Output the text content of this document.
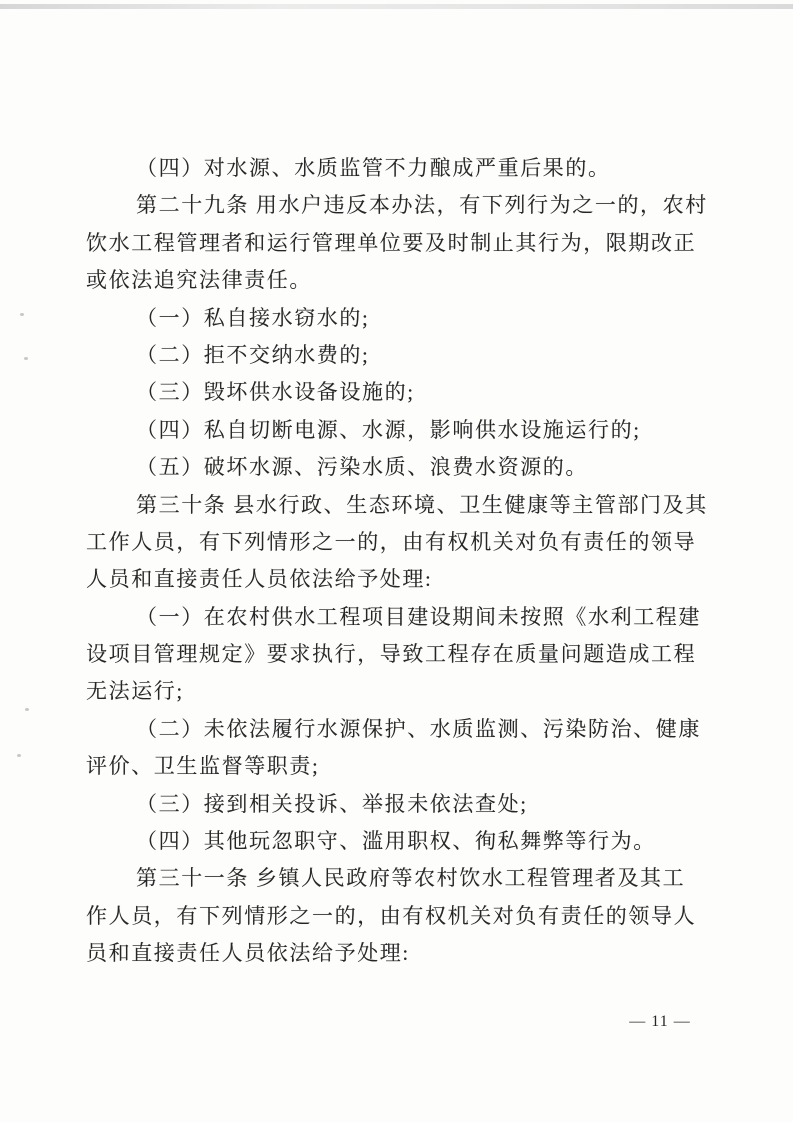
（四）对水源、水质监管不力酿成严重后果的。
第二十九条 用水户违反本办法，有下列行为之一的，农村
饮水工程管理者和运行管理单位要及时制止其行为，限期改正
或依法追究法律责任。
（一）私自接水窃水的;
（二）拒不交纳水费的;
（三）毁坏供水设备设施的;
（四）私自切断电源、水源，影响供水设施运行的;
（五）破坏水源、污染水质、浪费水资源的。
第三十条 县水行政、生态环境、卫生健康等主管部门及其
工作人员，有下列情形之一的，由有权机关对负有责任的领导
人员和直接责任人员依法给予处理:
（一）在农村供水工程项目建设期间未按照《水利工程建
设项目管理规定》要求执行，导致工程存在质量问题造成工程
无法运行;
（二）未依法履行水源保护、水质监测、污染防治、健康
评价、卫生监督等职责;
（三）接到相关投诉、举报未依法查处;
（四）其他玩忽职守、滥用职权、徇私舞弊等行为。
第三十一条 乡镇人民政府等农村饮水工程管理者及其工
作人员，有下列情形之一的，由有权机关对负有责任的领导人
员和直接责任人员依法给予处理:
— 11 —
